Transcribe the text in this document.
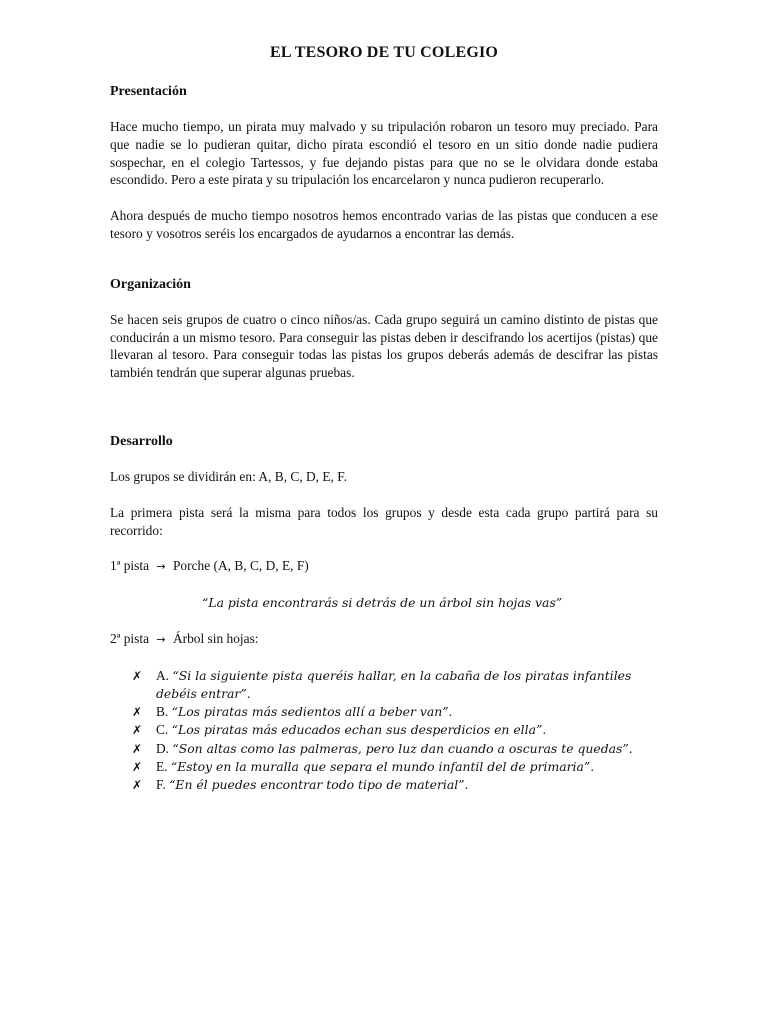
EL TESORO DE TU COLEGIO
Presentación

Hace mucho tiempo, un pirata muy malvado y su tripulación robaron un tesoro muy preciado. Para que nadie se lo pudieran quitar, dicho pirata escondió el tesoro en un sitio donde nadie pudiera sospechar, en el colegio Tartessos, y fue dejando pistas para que no se le olvidara donde estaba escondido. Pero a este pirata y su tripulación los encarcelaron y nunca pudieron recuperarlo.

Ahora después de mucho tiempo nosotros hemos encontrado varias de las pistas que conducen a ese tesoro y vosotros seréis los encargados de ayudarnos a encontrar las demás.

Organización

Se hacen seis grupos de cuatro o cinco niños/as. Cada grupo seguirá un camino distinto de pistas que conducirán a un mismo tesoro. Para conseguir las pistas deben ir descifrando los acertijos (pistas) que llevaran al tesoro. Para conseguir todas las pistas los grupos deberás además de descifrar las pistas también tendrán que superar algunas pruebas.

Desarrollo

Los grupos se dividirán en: A, B, C, D, E, F.

La primera pista será la misma para todos los grupos y desde esta cada grupo partirá para su recorrido:

1ª pista → Porche (A, B, C, D, E, F)

“La pista encontrarás si detrás de un árbol sin hojas vas”

2ª pista → Árbol sin hojas:

✗ A. “Si la siguiente pista queréis hallar, en la cabaña de los piratas infantiles debéis entrar”.
✗ B. “Los piratas más sedientos allí a beber van”.
✗ C. “Los piratas más educados echan sus desperdicios en ella”.
✗ D. “Son altas como las palmeras, pero luz dan cuando a oscuras te quedas”.
✗ E. “Estoy en la muralla que separa el mundo infantil del de primaria”.
✗ F. “En él puedes encontrar todo tipo de material”.
